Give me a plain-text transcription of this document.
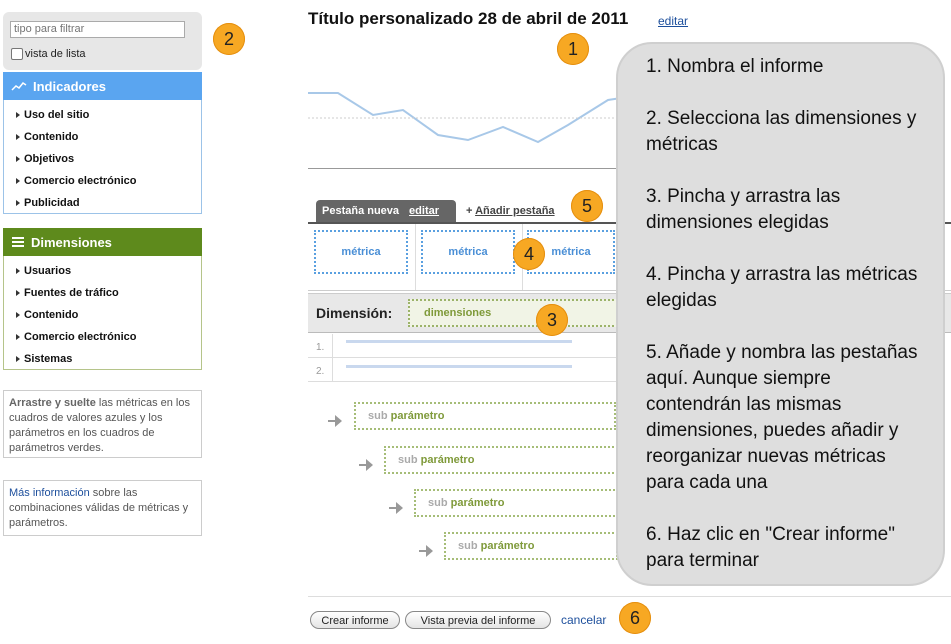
tipo para filtrar
vista de lista
Indicadores
Uso del sitio
Contenido
Objetivos
Comercio electrónico
Publicidad
Dimensiones
Usuarios
Fuentes de tráfico
Contenido
Comercio electrónico
Sistemas
Arrastre y suelte las métricas en los cuadros de valores azules y los parámetros en los cuadros de parámetros verdes.
Más información sobre las combinaciones válidas de métricas y parámetros.
Título personalizado 28 de abril de 2011 editar
Pestaña nueva editar + Añadir pestaña
métrica	métrica	métrica
Dimensión:	dimensiones
1.
2.
sub parámetro
sub parámetro
sub parámetro
sub parámetro
Crear informe	Vista previa del informe	cancelar

1. Nombra el informe

2. Selecciona las dimensiones y métricas

3. Pincha y arrastra las dimensiones elegidas

4. Pincha y arrastra las métricas elegidas

5. Añade y nombra las pestañas aquí. Aunque siempre contendrán las mismas dimensiones, puedes añadir y reorganizar nuevas métricas para cada una

6. Haz clic en "Crear informe" para terminar

1
2
3
4
5
6
